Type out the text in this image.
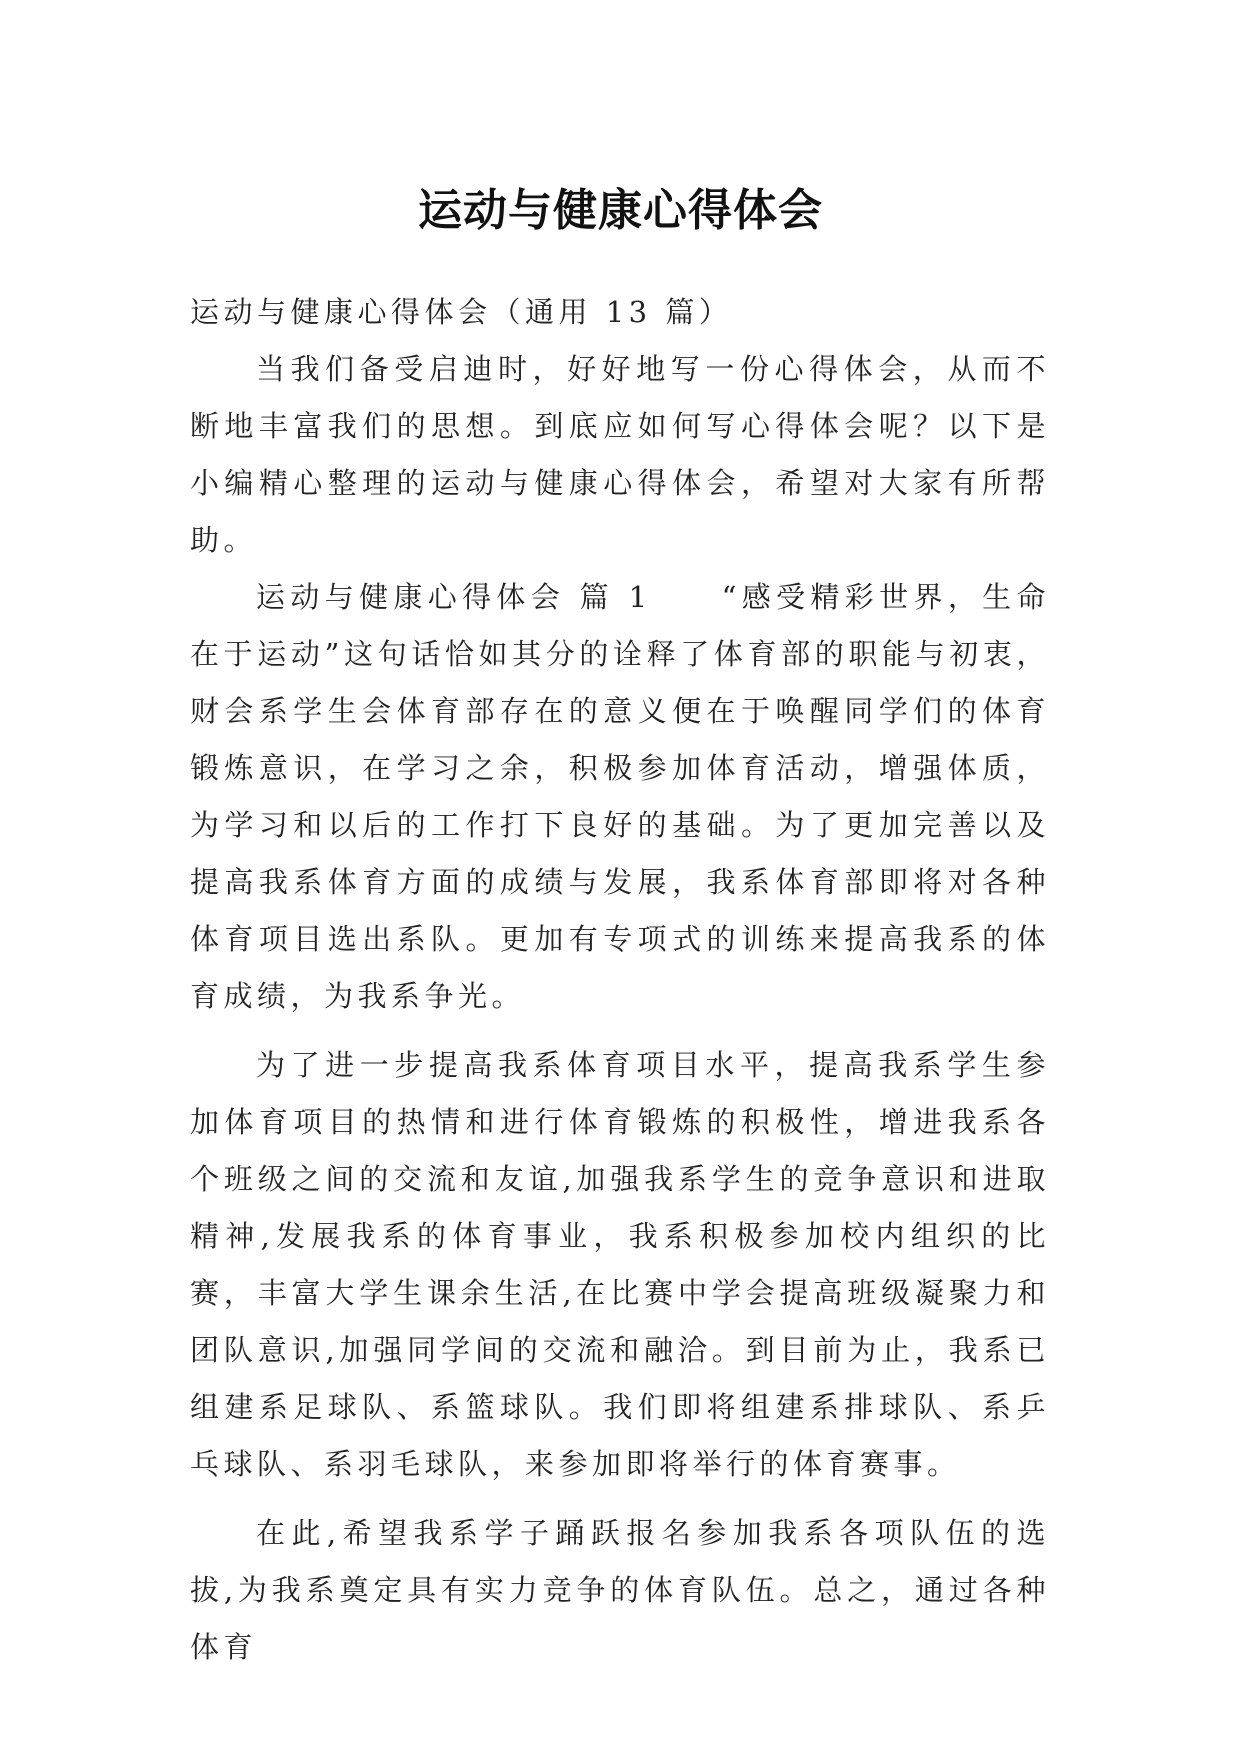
运动与健康心得体会

运动与健康心得体会（通用 13 篇）

当我们备受启迪时，好好地写一份心得体会，从而不断地丰富我们的思想。到底应如何写心得体会呢？以下是小编精心整理的运动与健康心得体会，希望对大家有所帮助。

运动与健康心得体会 篇 1 “感受精彩世界，生命在于运动”这句话恰如其分的诠释了体育部的职能与初衷，财会系学生会体育部存在的意义便在于唤醒同学们的体育锻炼意识，在学习之余，积极参加体育活动，增强体质，为学习和以后的工作打下良好的基础。为了更加完善以及提高我系体育方面的成绩与发展，我系体育部即将对各种体育项目选出系队。更加有专项式的训练来提高我系的体育成绩，为我系争光。

为了进一步提高我系体育项目水平，提高我系学生参加体育项目的热情和进行体育锻炼的积极性，增进我系各个班级之间的交流和友谊,加强我系学生的竞争意识和进取精神,发展我系的体育事业，我系积极参加校内组织的比赛，丰富大学生课余生活,在比赛中学会提高班级凝聚力和团队意识,加强同学间的交流和融洽。到目前为止，我系已组建系足球队、系篮球队。我们即将组建系排球队、系乒乓球队、系羽毛球队，来参加即将举行的体育赛事。

在此,希望我系学子踊跃报名参加我系各项队伍的选拔,为我系奠定具有实力竞争的体育队伍。总之，通过各种体育
